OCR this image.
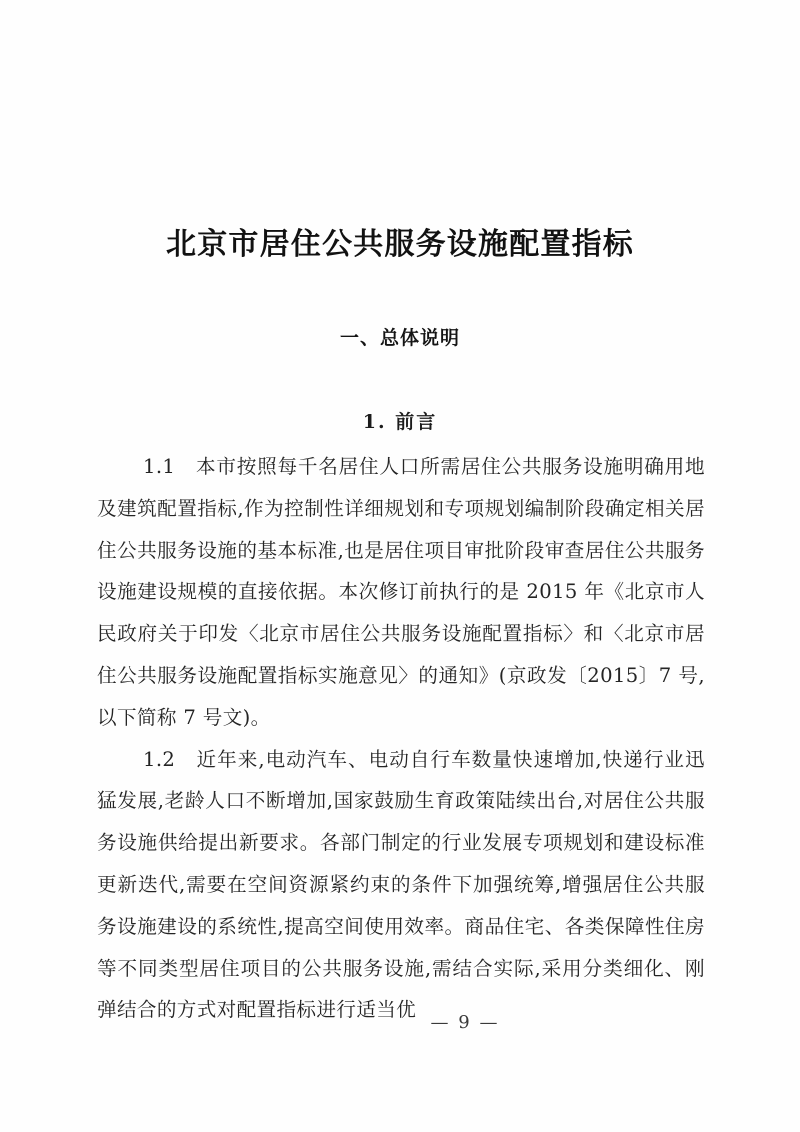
北京市居住公共服务设施配置指标
一、总体说明
1. 前言

1.1　本市按照每千名居住人口所需居住公共服务设施明确用地及建筑配置指标,作为控制性详细规划和专项规划编制阶段确定相关居住公共服务设施的基本标准,也是居住项目审批阶段审查居住公共服务设施建设规模的直接依据。本次修订前执行的是 2015 年《北京市人民政府关于印发〈北京市居住公共服务设施配置指标〉和〈北京市居住公共服务设施配置指标实施意见〉的通知》(京政发〔2015〕7 号,以下简称 7 号文)。

1.2　近年来,电动汽车、电动自行车数量快速增加,快递行业迅猛发展,老龄人口不断增加,国家鼓励生育政策陆续出台,对居住公共服务设施供给提出新要求。各部门制定的行业发展专项规划和建设标准更新迭代,需要在空间资源紧约束的条件下加强统筹,增强居住公共服务设施建设的系统性,提高空间使用效率。商品住宅、各类保障性住房等不同类型居住项目的公共服务设施,需结合实际,采用分类细化、刚弹结合的方式对配置指标进行适当优

— 9 —
